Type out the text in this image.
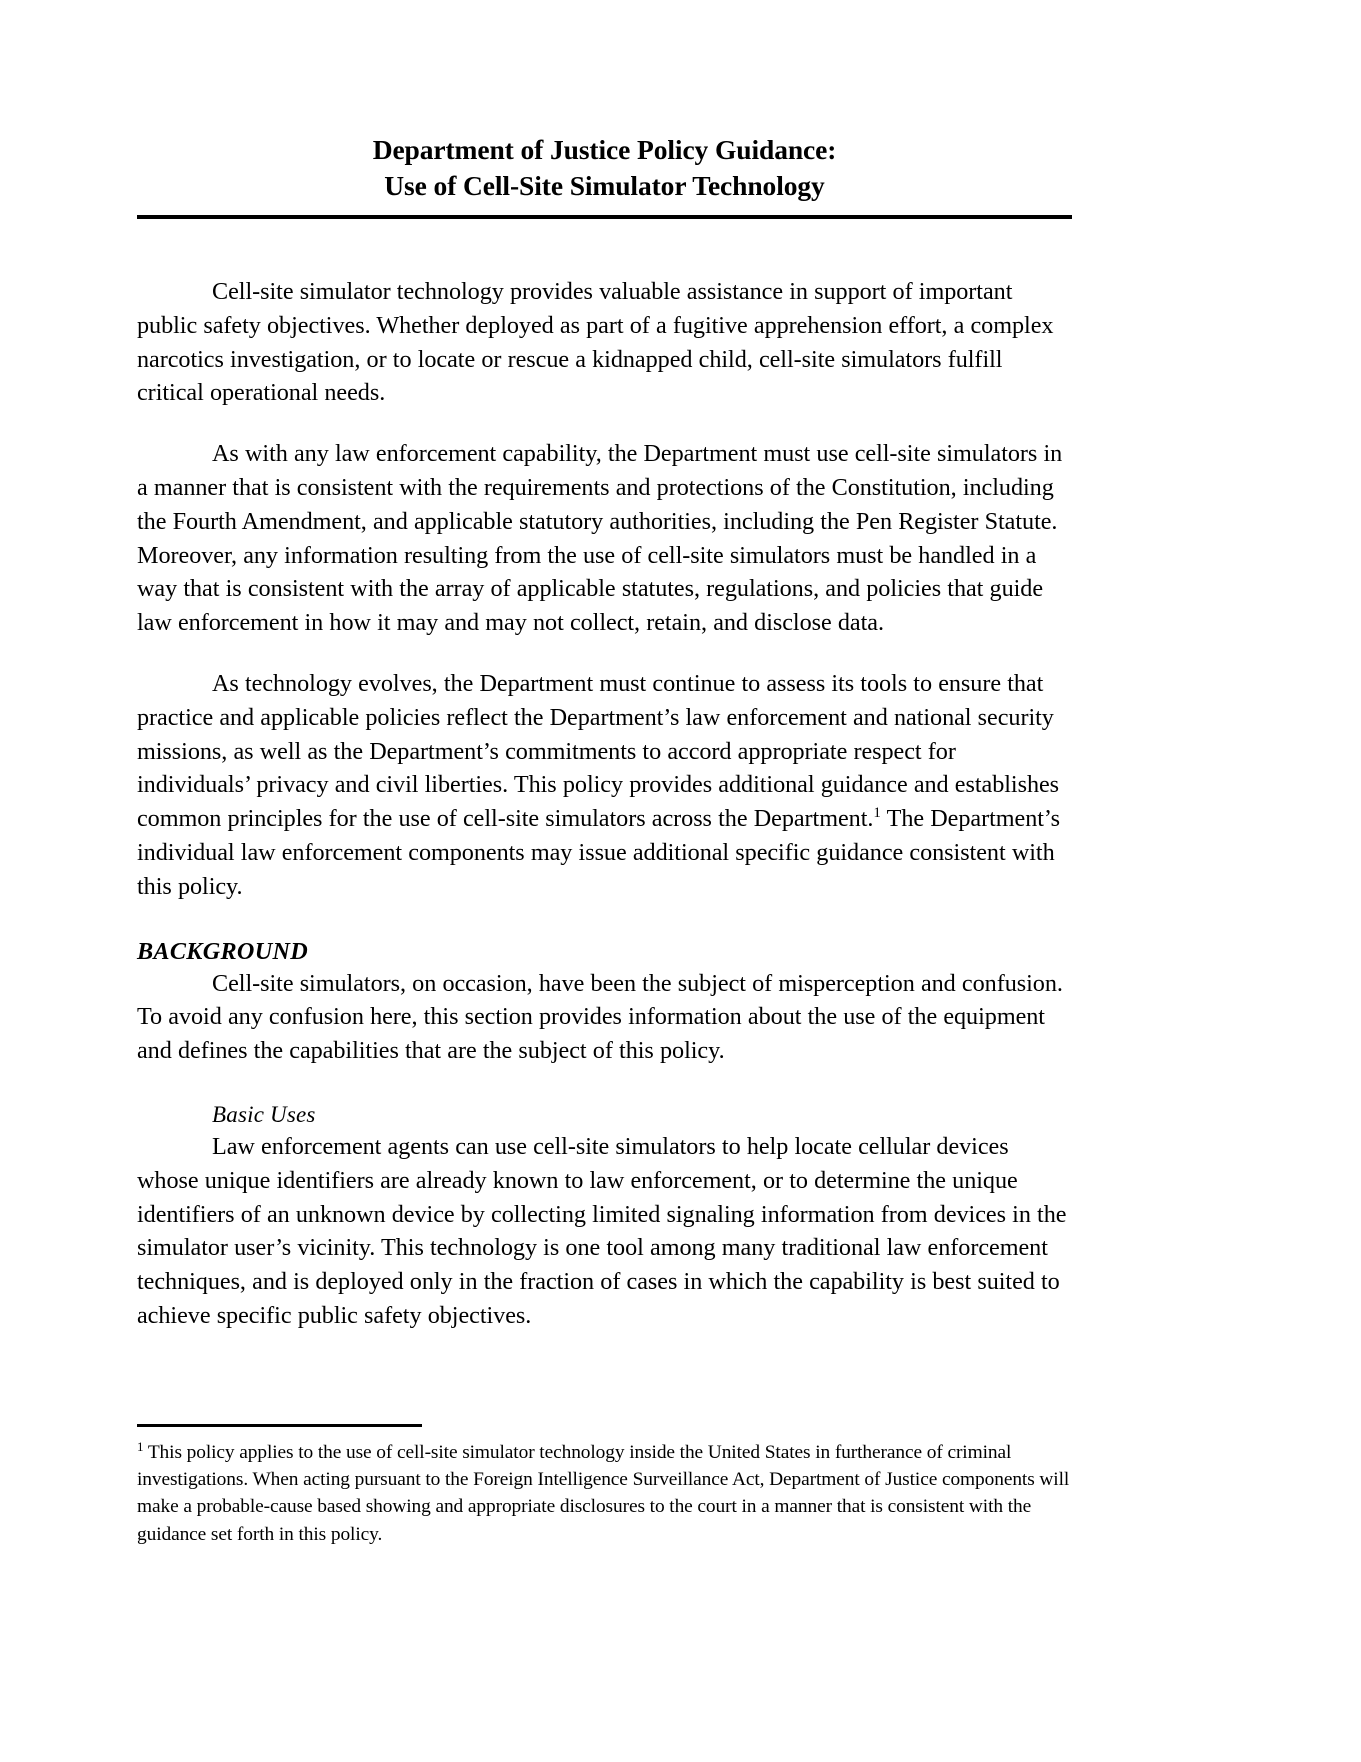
Department of Justice Policy Guidance:
Use of Cell-Site Simulator Technology

Cell-site simulator technology provides valuable assistance in support of important public safety objectives. Whether deployed as part of a fugitive apprehension effort, a complex narcotics investigation, or to locate or rescue a kidnapped child, cell-site simulators fulfill critical operational needs.

As with any law enforcement capability, the Department must use cell-site simulators in a manner that is consistent with the requirements and protections of the Constitution, including the Fourth Amendment, and applicable statutory authorities, including the Pen Register Statute. Moreover, any information resulting from the use of cell-site simulators must be handled in a way that is consistent with the array of applicable statutes, regulations, and policies that guide law enforcement in how it may and may not collect, retain, and disclose data.

As technology evolves, the Department must continue to assess its tools to ensure that practice and applicable policies reflect the Department’s law enforcement and national security missions, as well as the Department’s commitments to accord appropriate respect for individuals’ privacy and civil liberties. This policy provides additional guidance and establishes common principles for the use of cell-site simulators across the Department.$^1$ The Department’s individual law enforcement components may issue additional specific guidance consistent with this policy.

BACKGROUND

Cell-site simulators, on occasion, have been the subject of misperception and confusion. To avoid any confusion here, this section provides information about the use of the equipment and defines the capabilities that are the subject of this policy.

Basic Uses

Law enforcement agents can use cell-site simulators to help locate cellular devices whose unique identifiers are already known to law enforcement, or to determine the unique identifiers of an unknown device by collecting limited signaling information from devices in the simulator user’s vicinity. This technology is one tool among many traditional law enforcement techniques, and is deployed only in the fraction of cases in which the capability is best suited to achieve specific public safety objectives.

$^1$ This policy applies to the use of cell-site simulator technology inside the United States in furtherance of criminal investigations. When acting pursuant to the Foreign Intelligence Surveillance Act, Department of Justice components will make a probable-cause based showing and appropriate disclosures to the court in a manner that is consistent with the guidance set forth in this policy.
